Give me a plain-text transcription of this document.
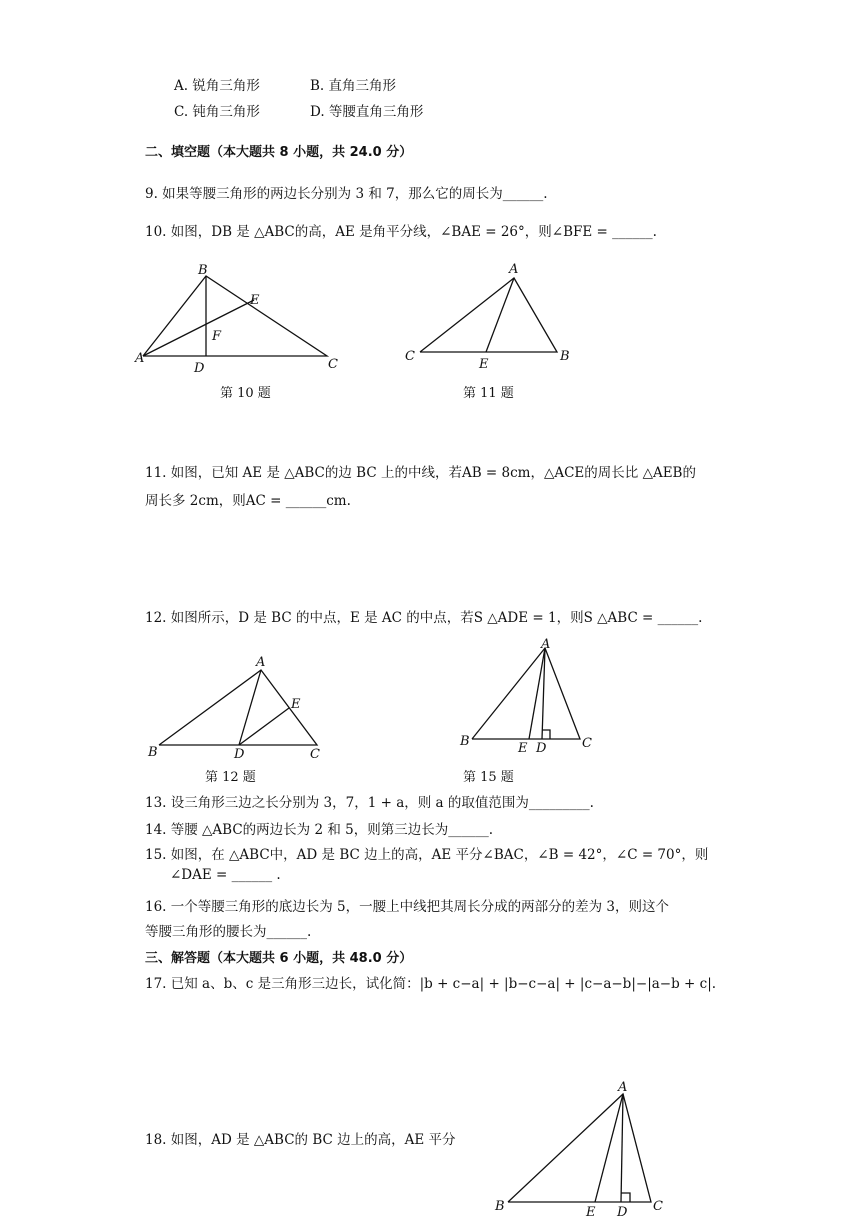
A. 锐角三角形	B. 直角三角形
C. 钝角三角形	D. 等腰直角三角形
二、填空题（本大题共 8 小题，共 24.0 分）
9. 如果等腰三角形的两边长分别为 3 和 7，那么它的周长为______.
10. 如图，DB 是 △ABC的高，AE 是角平分线，∠BAE = 26°，则∠BFE = ______.
B
E
F
A
D	C
第 10 题
A
C
E
B
第 11 题
11. 如图，已知 AE 是 △ABC的边 BC 上的中线，若AB = 8cm，△ACE的周长比 △AEB的
周长多 2cm，则AC = ______cm.
12. 如图所示，D 是 BC 的中点，E 是 AC 的中点，若S △ADE = 1，则S △ABC = ______.
A
E
B	D	C
第 12 题
A
B	E D	C
第 15 题
13. 设三角形三边之长分别为 3，7，1 + a，则 a 的取值范围为_________.
14. 等腰 △ABC的两边长为 2 和 5，则第三边长为______.
15. 如图，在 △ABC中，AD 是 BC 边上的高，AE 平分∠BAC，∠B = 42°，∠C = 70°，则
∠DAE = ______ .
16. 一个等腰三角形的底边长为 5，一腰上中线把其周长分成的两部分的差为 3，则这个
等腰三角形的腰长为______.
三、解答题（本大题共 6 小题，共 48.0 分）
17. 已知 a、b、c 是三角形三边长，试化简：|b + c−a| + |b−c−a| + |c−a−b|−|a−b + c|.
18. 如图，AD 是 △ABC的 BC 边上的高，AE 平分
A
B	E D C
